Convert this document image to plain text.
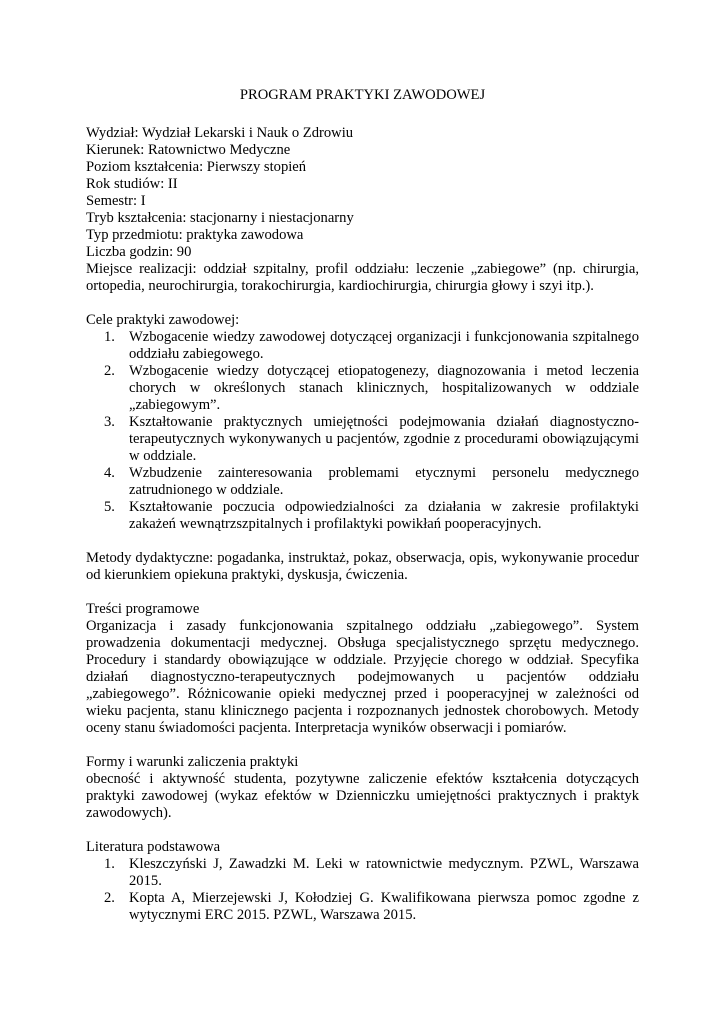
PROGRAM PRAKTYKI ZAWODOWEJ

Wydział: Wydział Lekarski i Nauk o Zdrowiu

Kierunek: Ratownictwo Medyczne

Poziom kształcenia: Pierwszy stopień

Rok studiów: II

Semestr: I

Tryb kształcenia: stacjonarny i niestacjonarny

Typ przedmiotu: praktyka zawodowa

Liczba godzin: 90

Miejsce realizacji: oddział szpitalny, profil oddziału: leczenie „zabiegowe” (np. chirurgia, ortopedia, neurochirurgia, torakochirurgia, kardiochirurgia, chirurgia głowy i szyi itp.).

Cele praktyki zawodowej:

1. Wzbogacenie wiedzy zawodowej dotyczącej organizacji i funkcjonowania szpitalnego oddziału zabiegowego.
2. Wzbogacenie wiedzy dotyczącej etiopatogenezy, diagnozowania i metod leczenia chorych w określonych stanach klinicznych, hospitalizowanych w oddziale „zabiegowym”.
3. Kształtowanie praktycznych umiejętności podejmowania działań diagnostyczno-terapeutycznych wykonywanych u pacjentów, zgodnie z procedurami obowiązującymi w oddziale.
4. Wzbudzenie zainteresowania problemami etycznymi personelu medycznego zatrudnionego w oddziale.
5. Kształtowanie poczucia odpowiedzialności za działania w zakresie profilaktyki zakażeń wewnątrzszpitalnych i profilaktyki powikłań pooperacyjnych.

Metody dydaktyczne: pogadanka, instruktaż, pokaz, obserwacja, opis, wykonywanie procedur od kierunkiem opiekuna praktyki, dyskusja, ćwiczenia.

Treści programowe

Organizacja i zasady funkcjonowania szpitalnego oddziału „zabiegowego”. System prowadzenia dokumentacji medycznej. Obsługa specjalistycznego sprzętu medycznego. Procedury i standardy obowiązujące w oddziale. Przyjęcie chorego w oddział. Specyfika działań diagnostyczno-terapeutycznych podejmowanych u pacjentów oddziału „zabiegowego”. Różnicowanie opieki medycznej przed i pooperacyjnej w zależności od wieku pacjenta, stanu klinicznego pacjenta i rozpoznanych jednostek chorobowych. Metody oceny stanu świadomości pacjenta. Interpretacja wyników obserwacji i pomiarów.

Formy i warunki zaliczenia praktyki

obecność i aktywność studenta, pozytywne zaliczenie efektów kształcenia dotyczących praktyki zawodowej (wykaz efektów w Dzienniczku umiejętności praktycznych i praktyk zawodowych).

Literatura podstawowa

1. Kleszczyński J, Zawadzki M. Leki w ratownictwie medycznym. PZWL, Warszawa 2015.
2. Kopta A, Mierzejewski J, Kołodziej G. Kwalifikowana pierwsza pomoc zgodne z wytycznymi ERC 2015. PZWL, Warszawa 2015.
